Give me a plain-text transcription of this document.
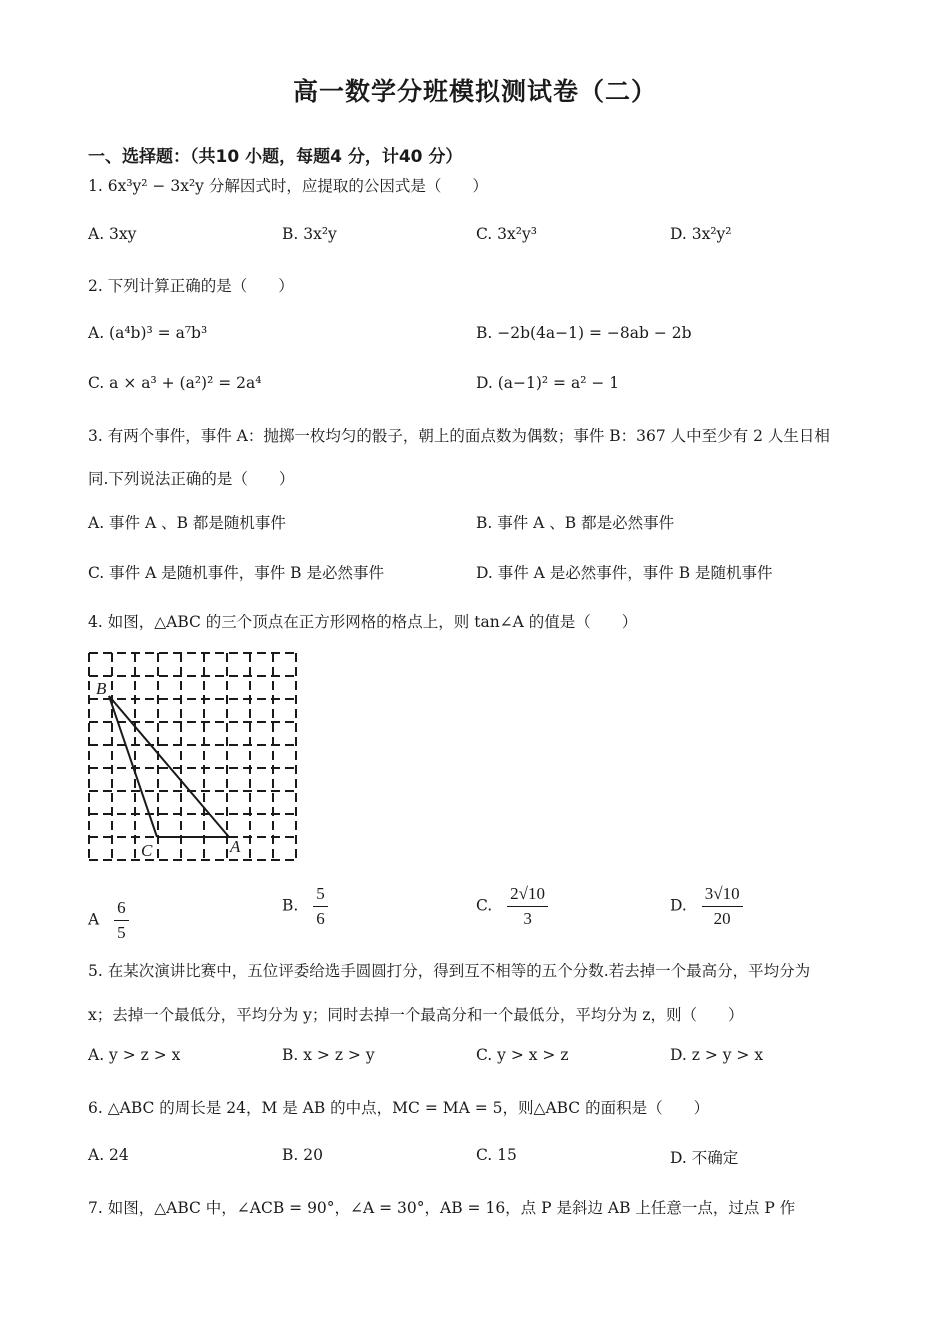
高一数学分班模拟测试卷（二）
一、选择题：（共10 小题，每题4 分，计40 分）
1. 6x³y² − 3x²y 分解因式时，应提取的公因式是（　　）
A. 3xy	B. 3x²y	C. 3x²y³	D. 3x²y²
2. 下列计算正确的是（　　）
A. (a⁴b)³ = a⁷b³	B. −2b(4a−1) = −8ab − 2b
C. a × a³ + (a²)² = 2a⁴	D. (a−1)² = a² − 1
3. 有两个事件，事件 A：抛掷一枚均匀的骰子，朝上的面点数为偶数；事件 B：367 人中至少有 2 人生日相
同.下列说法正确的是（　　）
A. 事件 A 、B 都是随机事件	B. 事件 A 、B 都是必然事件
C. 事件 A 是随机事件，事件 B 是必然事件	D. 事件 A 是必然事件，事件 B 是随机事件
4. 如图，△ABC 的三个顶点在正方形网格的格点上，则 tan∠A 的值是（　　）
B
C	A
A $\frac{6}{5}$	B. $\frac{5}{6}$	C. $\frac{2√10}{3}$	D. $\frac{3√10}{20}$
5. 在某次演讲比赛中，五位评委给选手圆圆打分，得到互不相等的五个分数.若去掉一个最高分，平均分为
x；去掉一个最低分，平均分为 y；同时去掉一个最高分和一个最低分，平均分为 z，则（　　）
A. y > z > x	B. x > z > y	C. y > x > z	D. z > y > x
6. △ABC 的周长是 24，M 是 AB 的中点，MC = MA = 5，则△ABC 的面积是（　　）
A. 24	B. 20	C. 15	D. 不确定
7. 如图，△ABC 中，∠ACB = 90°，∠A = 30°，AB = 16，点 P 是斜边 AB 上任意一点，过点 P 作
